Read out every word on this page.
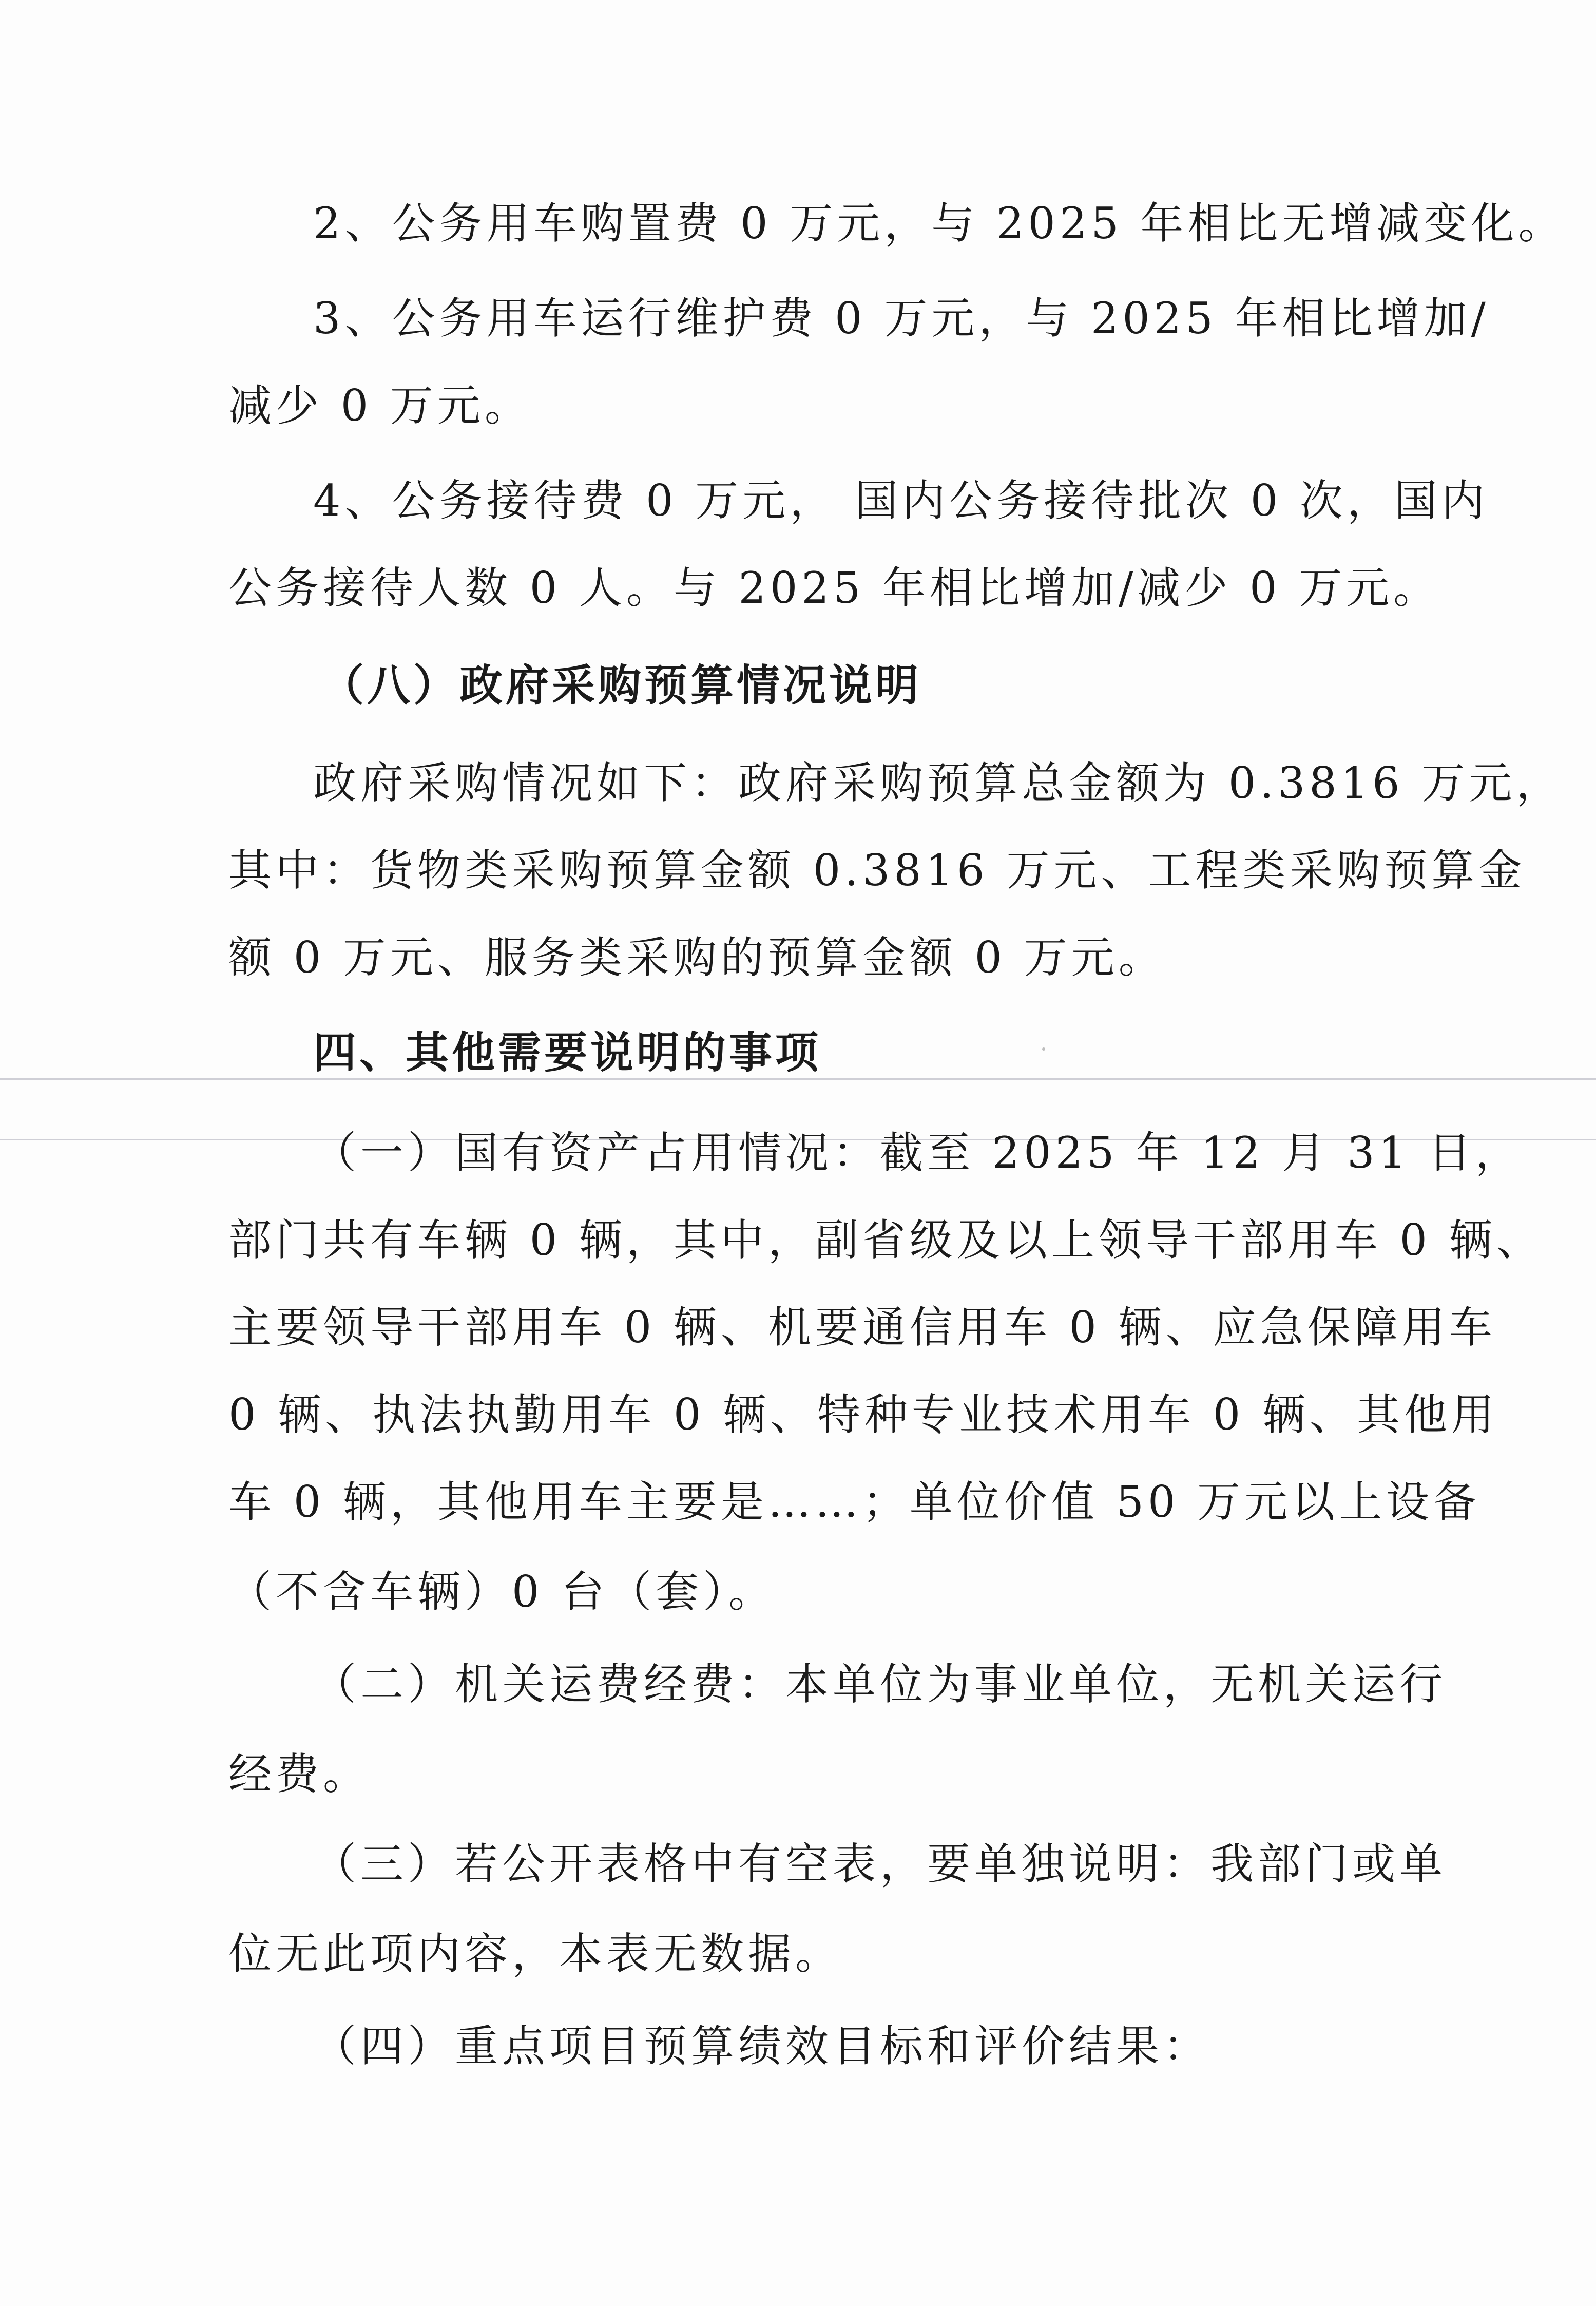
2、公务用车购置费 0 万元，与 2025 年相比无增减变化。
3、公务用车运行维护费 0 万元，与 2025 年相比增加/
减少 0 万元。
4、公务接待费 0 万元， 国内公务接待批次 0 次，国内
公务接待人数 0 人。与 2025 年相比增加/减少 0 万元。
（八）政府采购预算情况说明
政府采购情况如下：政府采购预算总金额为 0.3816 万元，
其中：货物类采购预算金额 0.3816 万元、工程类采购预算金
额 0 万元、服务类采购的预算金额 0 万元。
四、其他需要说明的事项
（一）国有资产占用情况：截至 2025 年 12 月 31 日，
部门共有车辆 0 辆，其中，副省级及以上领导干部用车 0 辆、
主要领导干部用车 0 辆、机要通信用车 0 辆、应急保障用车
0 辆、执法执勤用车 0 辆、特种专业技术用车 0 辆、其他用
车 0 辆，其他用车主要是……；单位价值 50 万元以上设备
（不含车辆）0 台（套）。
（二）机关运费经费：本单位为事业单位，无机关运行
经费。
（三）若公开表格中有空表，要单独说明：我部门或单
位无此项内容，本表无数据。
（四）重点项目预算绩效目标和评价结果：
